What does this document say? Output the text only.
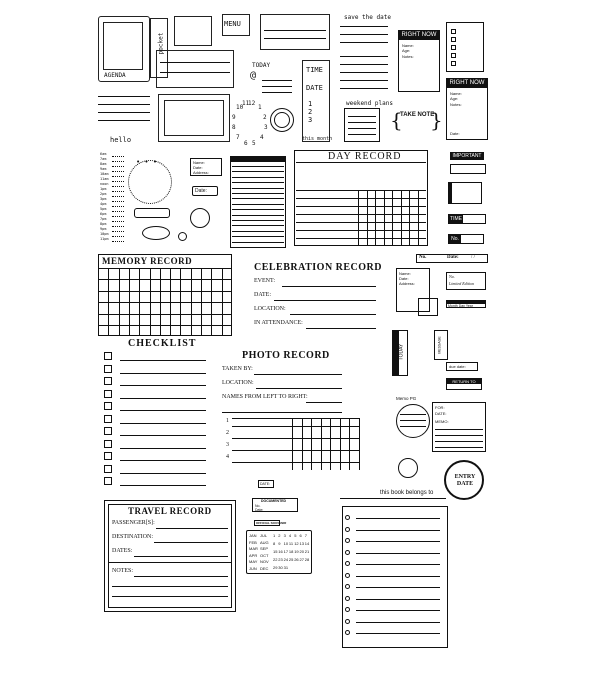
AGENDA
pocket
MENU
save the date
TODAY
@	TIME
DATE
1 2 3
hello
12
1
2
3
4
5
6
7
8
9
10
11	weekend plans
this month
TAKE NOTE
{ }
RIGHT NOW
Name:
Age:
Notes:
RIGHT NOW
Name:
Age:
Notes:
Date:
6am
7am
8am
9am
10am
11am
noon
1pm
2pm
3pm
4pm
5pm
6pm
7pm
8pm
9pm
10pm
11pm
• • •	Name:
Date:
Address:
Date:
DAY RECORD	IMPORTANT
TIME
No.
MEMORY RECORD
CELEBRATION RECORD
EVENT:
DATE:
LOCATION:
IN ATTENDANCE:
No.	Date: / /
Name:
Date:
Address:
No.
Limited Edition
Month Day Year
TODAY	MESSAGE
due date:
RETURN TO
CHECKLIST
PHOTO RECORD
TAKEN BY:
LOCATION:
NAMES FROM LEFT TO RIGHT:
1
2
3
4
Memo PG
FOR:
DATE:
MEMO:
ENTRY DATE
DATE:
DOCUMENTED
No.
Date:
OFFICIAL SOUVENIR
this book belongs to
TRAVEL RECORD
PASSENGER[S]:
DESTINATION:
DATES:
NOTES:
JAN JUL
FEB AUG
MAR SEP
APR OCT
MAY NOV
JUN DEC
1 2 3 4 5 6 7
8 9 10 11 12 13 14
15 16 17 18 19 20 21
22 23 24 25 26 27 28
29 30 31
